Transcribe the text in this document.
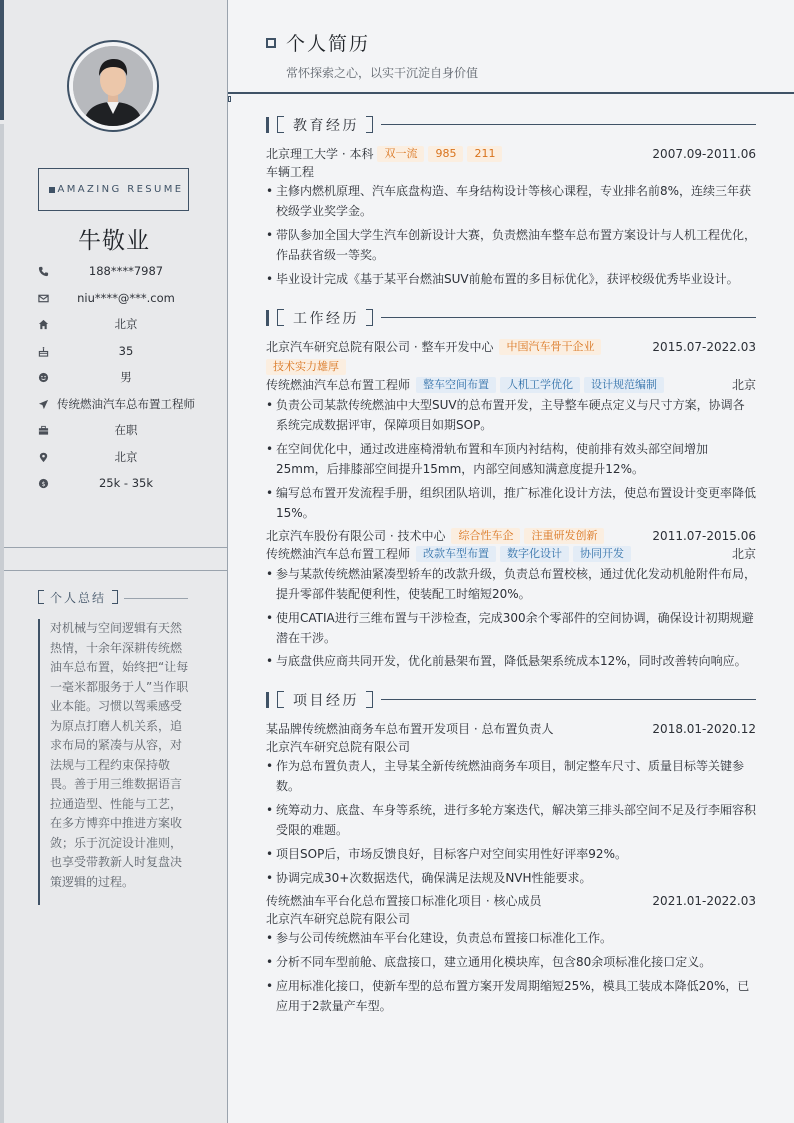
AMAZING RESUME
牛敬业
188****7987
niu****@***.com
北京
35
男
传统燃油汽车总布置工程师
在职
北京
$	25k - 35k
个人总结
对机械与空间逻辑有天然热情，十余年深耕传统燃油车总布置，始终把“让每一毫米都服务于人”当作职业本能。习惯以驾乘感受为原点打磨人机关系，追求布局的紧凑与从容，对法规与工程约束保持敬畏。善于用三维数据语言拉通造型、性能与工艺，在多方博弈中推进方案收敛；乐于沉淀设计准则，也享受带教新人时复盘决策逻辑的过程。
个人简历
常怀探索之心，以实干沉淀自身价值
教育经历
北京理工大学 · 本科	双一流	985	211	2007.09-2011.06
车辆工程
• 主修内燃机原理、汽车底盘构造、车身结构设计等核心课程，专业排名前8%，连续三年获校级学业奖学金。
• 带队参加全国大学生汽车创新设计大赛，负责燃油车整车总布置方案设计与人机工程优化，作品获省级一等奖。
• 毕业设计完成《基于某平台燃油SUV前舱布置的多目标优化》，获评校级优秀毕业设计。
工作经历
北京汽车研究总院有限公司 · 整车开发中心	中国汽车骨干企业	2015.07-2022.03
技术实力雄厚
传统燃油汽车总布置工程师	整车空间布置	人机工学优化	设计规范编制	北京
• 负责公司某款传统燃油中大型SUV的总布置开发，主导整车硬点定义与尺寸方案，协调各系统完成数据评审，保障项目如期SOP。
• 在空间优化中，通过改进座椅滑轨布置和车顶内衬结构，使前排有效头部空间增加25mm，后排膝部空间提升15mm，内部空间感知满意度提升12%。
• 编写总布置开发流程手册，组织团队培训，推广标准化设计方法，使总布置设计变更率降低15%。
北京汽车股份有限公司 · 技术中心	综合性车企	注重研发创新	2011.07-2015.06
传统燃油汽车总布置工程师	改款车型布置	数字化设计	协同开发	北京
• 参与某款传统燃油紧凑型轿车的改款升级，负责总布置校核，通过优化发动机舱附件布局，提升零部件装配便利性，使装配工时缩短20%。
• 使用CATIA进行三维布置与干涉检查，完成300余个零部件的空间协调，确保设计初期规避潜在干涉。
• 与底盘供应商共同开发，优化前悬架布置，降低悬架系统成本12%，同时改善转向响应。
项目经历
某品牌传统燃油商务车总布置开发项目 · 总布置负责人	2018.01-2020.12
北京汽车研究总院有限公司
• 作为总布置负责人，主导某全新传统燃油商务车项目，制定整车尺寸、质量目标等关键参数。
• 统筹动力、底盘、车身等系统，进行多轮方案迭代，解决第三排头部空间不足及行李厢容积受限的难题。
• 项目SOP后，市场反馈良好，目标客户对空间实用性好评率92%。
• 协调完成30+次数据迭代，确保满足法规及NVH性能要求。
传统燃油车平台化总布置接口标准化项目 · 核心成员	2021.01-2022.03
北京汽车研究总院有限公司
• 参与公司传统燃油车平台化建设，负责总布置接口标准化工作。
• 分析不同车型前舱、底盘接口，建立通用化模块库，包含80余项标准化接口定义。
• 应用标准化接口，使新车型的总布置方案开发周期缩短25%，模具工装成本降低20%，已应用于2款量产车型。
